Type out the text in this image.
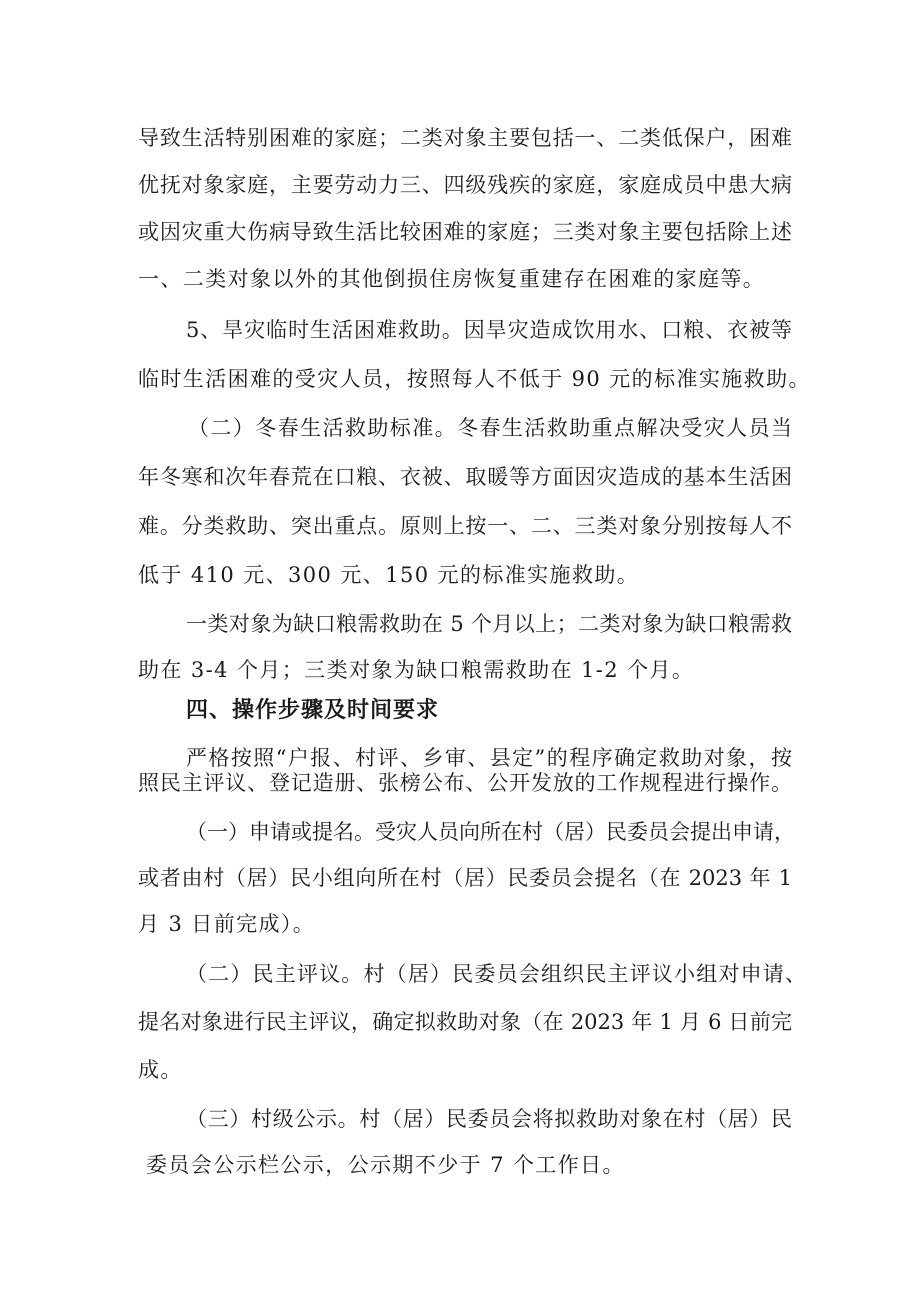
导致生活特别困难的家庭；二类对象主要包括一、二类低保户，困难
优抚对象家庭，主要劳动力三、四级残疾的家庭，家庭成员中患大病
或因灾重大伤病导致生活比较困难的家庭；三类对象主要包括除上述
一、二类对象以外的其他倒损住房恢复重建存在困难的家庭等。
5、旱灾临时生活困难救助。因旱灾造成饮用水、口粮、衣被等
临时生活困难的受灾人员，按照每人不低于 90 元的标准实施救助。
（二）冬春生活救助标准。冬春生活救助重点解决受灾人员当
年冬寒和次年春荒在口粮、衣被、取暖等方面因灾造成的基本生活困
难。分类救助、突出重点。原则上按一、二、三类对象分别按每人不
低于 410 元、300 元、150 元的标准实施救助。
一类对象为缺口粮需救助在 5 个月以上；二类对象为缺口粮需救
助在 3-4 个月；三类对象为缺口粮需救助在 1-2 个月。
四、操作步骤及时间要求
严格按照“户报、村评、乡审、县定”的程序确定救助对象，按
照民主评议、登记造册、张榜公布、公开发放的工作规程进行操作。
（一）申请或提名。受灾人员向所在村（居）民委员会提出申请，
或者由村（居）民小组向所在村（居）民委员会提名（在 2023 年 1
月 3 日前完成）。
（二）民主评议。村（居）民委员会组织民主评议小组对申请、
提名对象进行民主评议，确定拟救助对象（在 2023 年 1 月 6 日前完
成。
（三）村级公示。村（居）民委员会将拟救助对象在村（居）民
委员会公示栏公示，公示期不少于 7 个工作日。
